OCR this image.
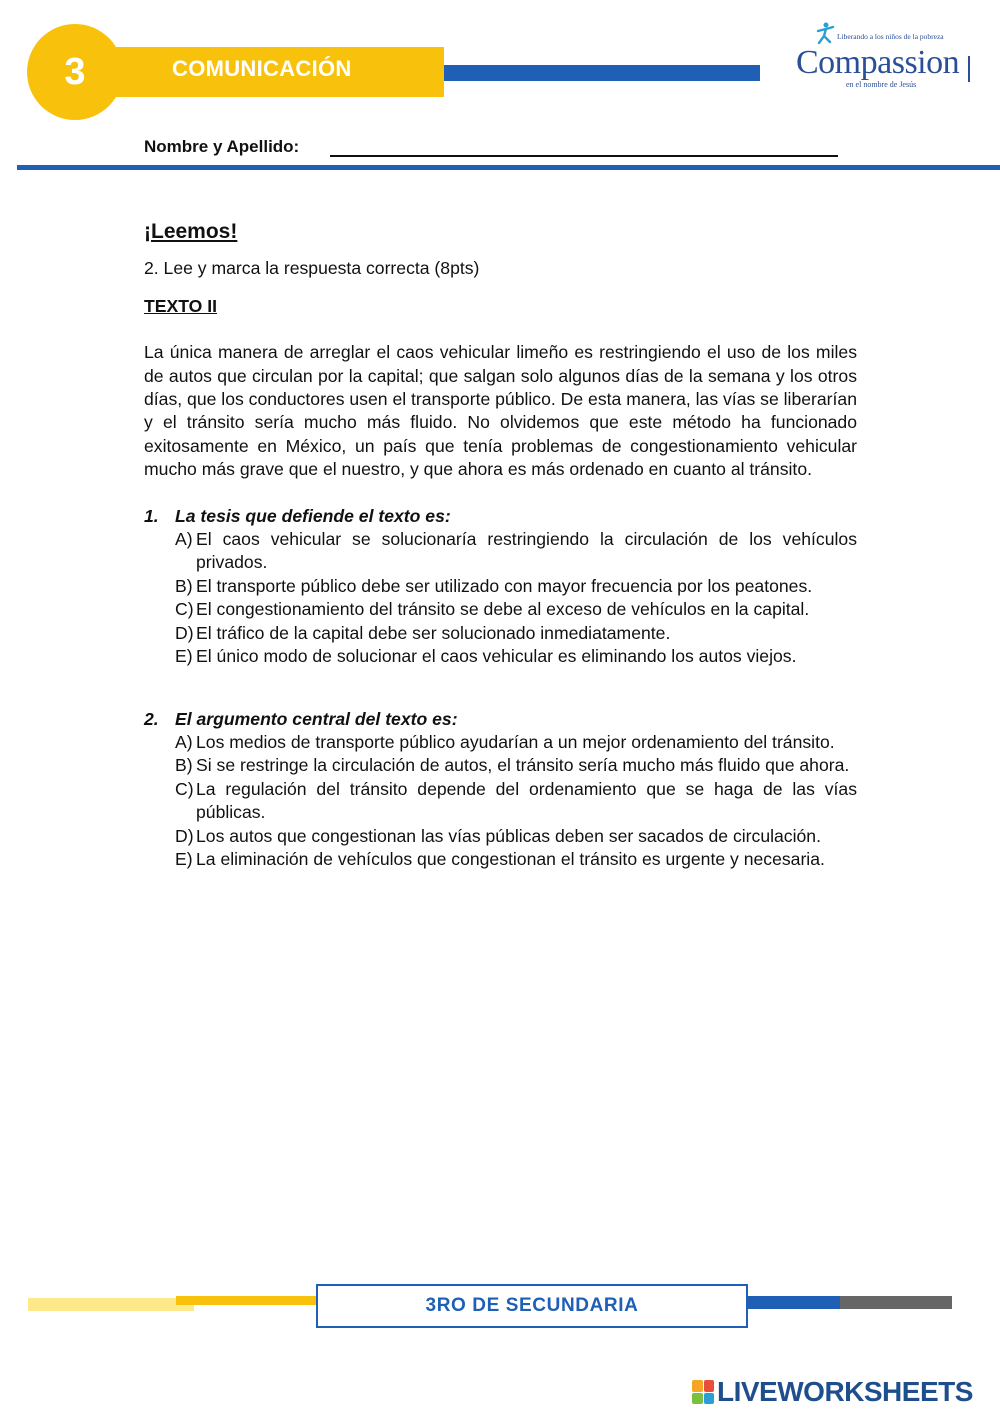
3	COMUNICACIÓN
Liberando a los niños de la pobreza
Compassion
en el nombre de Jesús
Nombre y Apellido:
¡Leemos!
2. Lee y marca la respuesta correcta (8pts)
TEXTO II
La única manera de arreglar el caos vehicular limeño es restringiendo el uso de los miles de autos que circulan por la capital; que salgan solo algunos días de la semana y los otros días, que los conductores usen el transporte público. De esta manera, las vías se liberarían y el tránsito sería mucho más fluido. No olvidemos que este método ha funcionado exitosamente en México, un país que tenía problemas de congestionamiento vehicular mucho más grave que el nuestro, y que ahora es más ordenado en cuanto al tránsito.
1. La tesis que defiende el texto es:
A) El caos vehicular se solucionaría restringiendo la circulación de los vehículos privados.
B) El transporte público debe ser utilizado con mayor frecuencia por los peatones.
C) El congestionamiento del tránsito se debe al exceso de vehículos en la capital.
D) El tráfico de la capital debe ser solucionado inmediatamente.
E) El único modo de solucionar el caos vehicular es eliminando los autos viejos.
2. El argumento central del texto es:
A) Los medios de transporte público ayudarían a un mejor ordenamiento del tránsito.
B) Si se restringe la circulación de autos, el tránsito sería mucho más fluido que ahora.
C) La regulación del tránsito depende del ordenamiento que se haga de las vías públicas.
D) Los autos que congestionan las vías públicas deben ser sacados de circulación.
E) La eliminación de vehículos que congestionan el tránsito es urgente y necesaria.
3RO DE SECUNDARIA
LIVEWORKSHEETS
